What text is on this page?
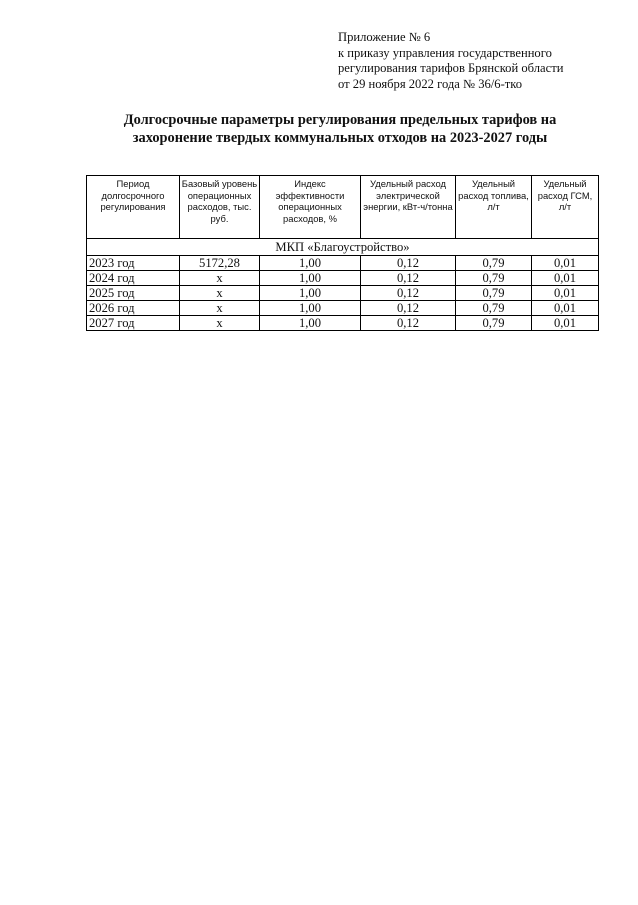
Приложение № 6
к приказу управления государственного
регулирования тарифов Брянской области
от 29 ноября 2022 года № 36/6-тко
Долгосрочные параметры регулирования предельных тарифов на
захоронение твердых коммунальных отходов на 2023-2027 годы
Период долгосрочного регулирования	Базовый уровень операционных расходов, тыс. руб.	Индекс эффективности операционных расходов, %	Удельный расход электрической энергии, кВт-ч/тонна	Удельный расход топлива, л/т	Удельный расход ГСМ, л/т
МКП «Благоустройство»					
2023 год	5172,28	1,00	0,12	0,79	0,01
2024 год	x	1,00	0,12	0,79	0,01
2025 год	x	1,00	0,12	0,79	0,01
2026 год	x	1,00	0,12	0,79	0,01
2027 год	x	1,00	0,12	0,79	0,01
